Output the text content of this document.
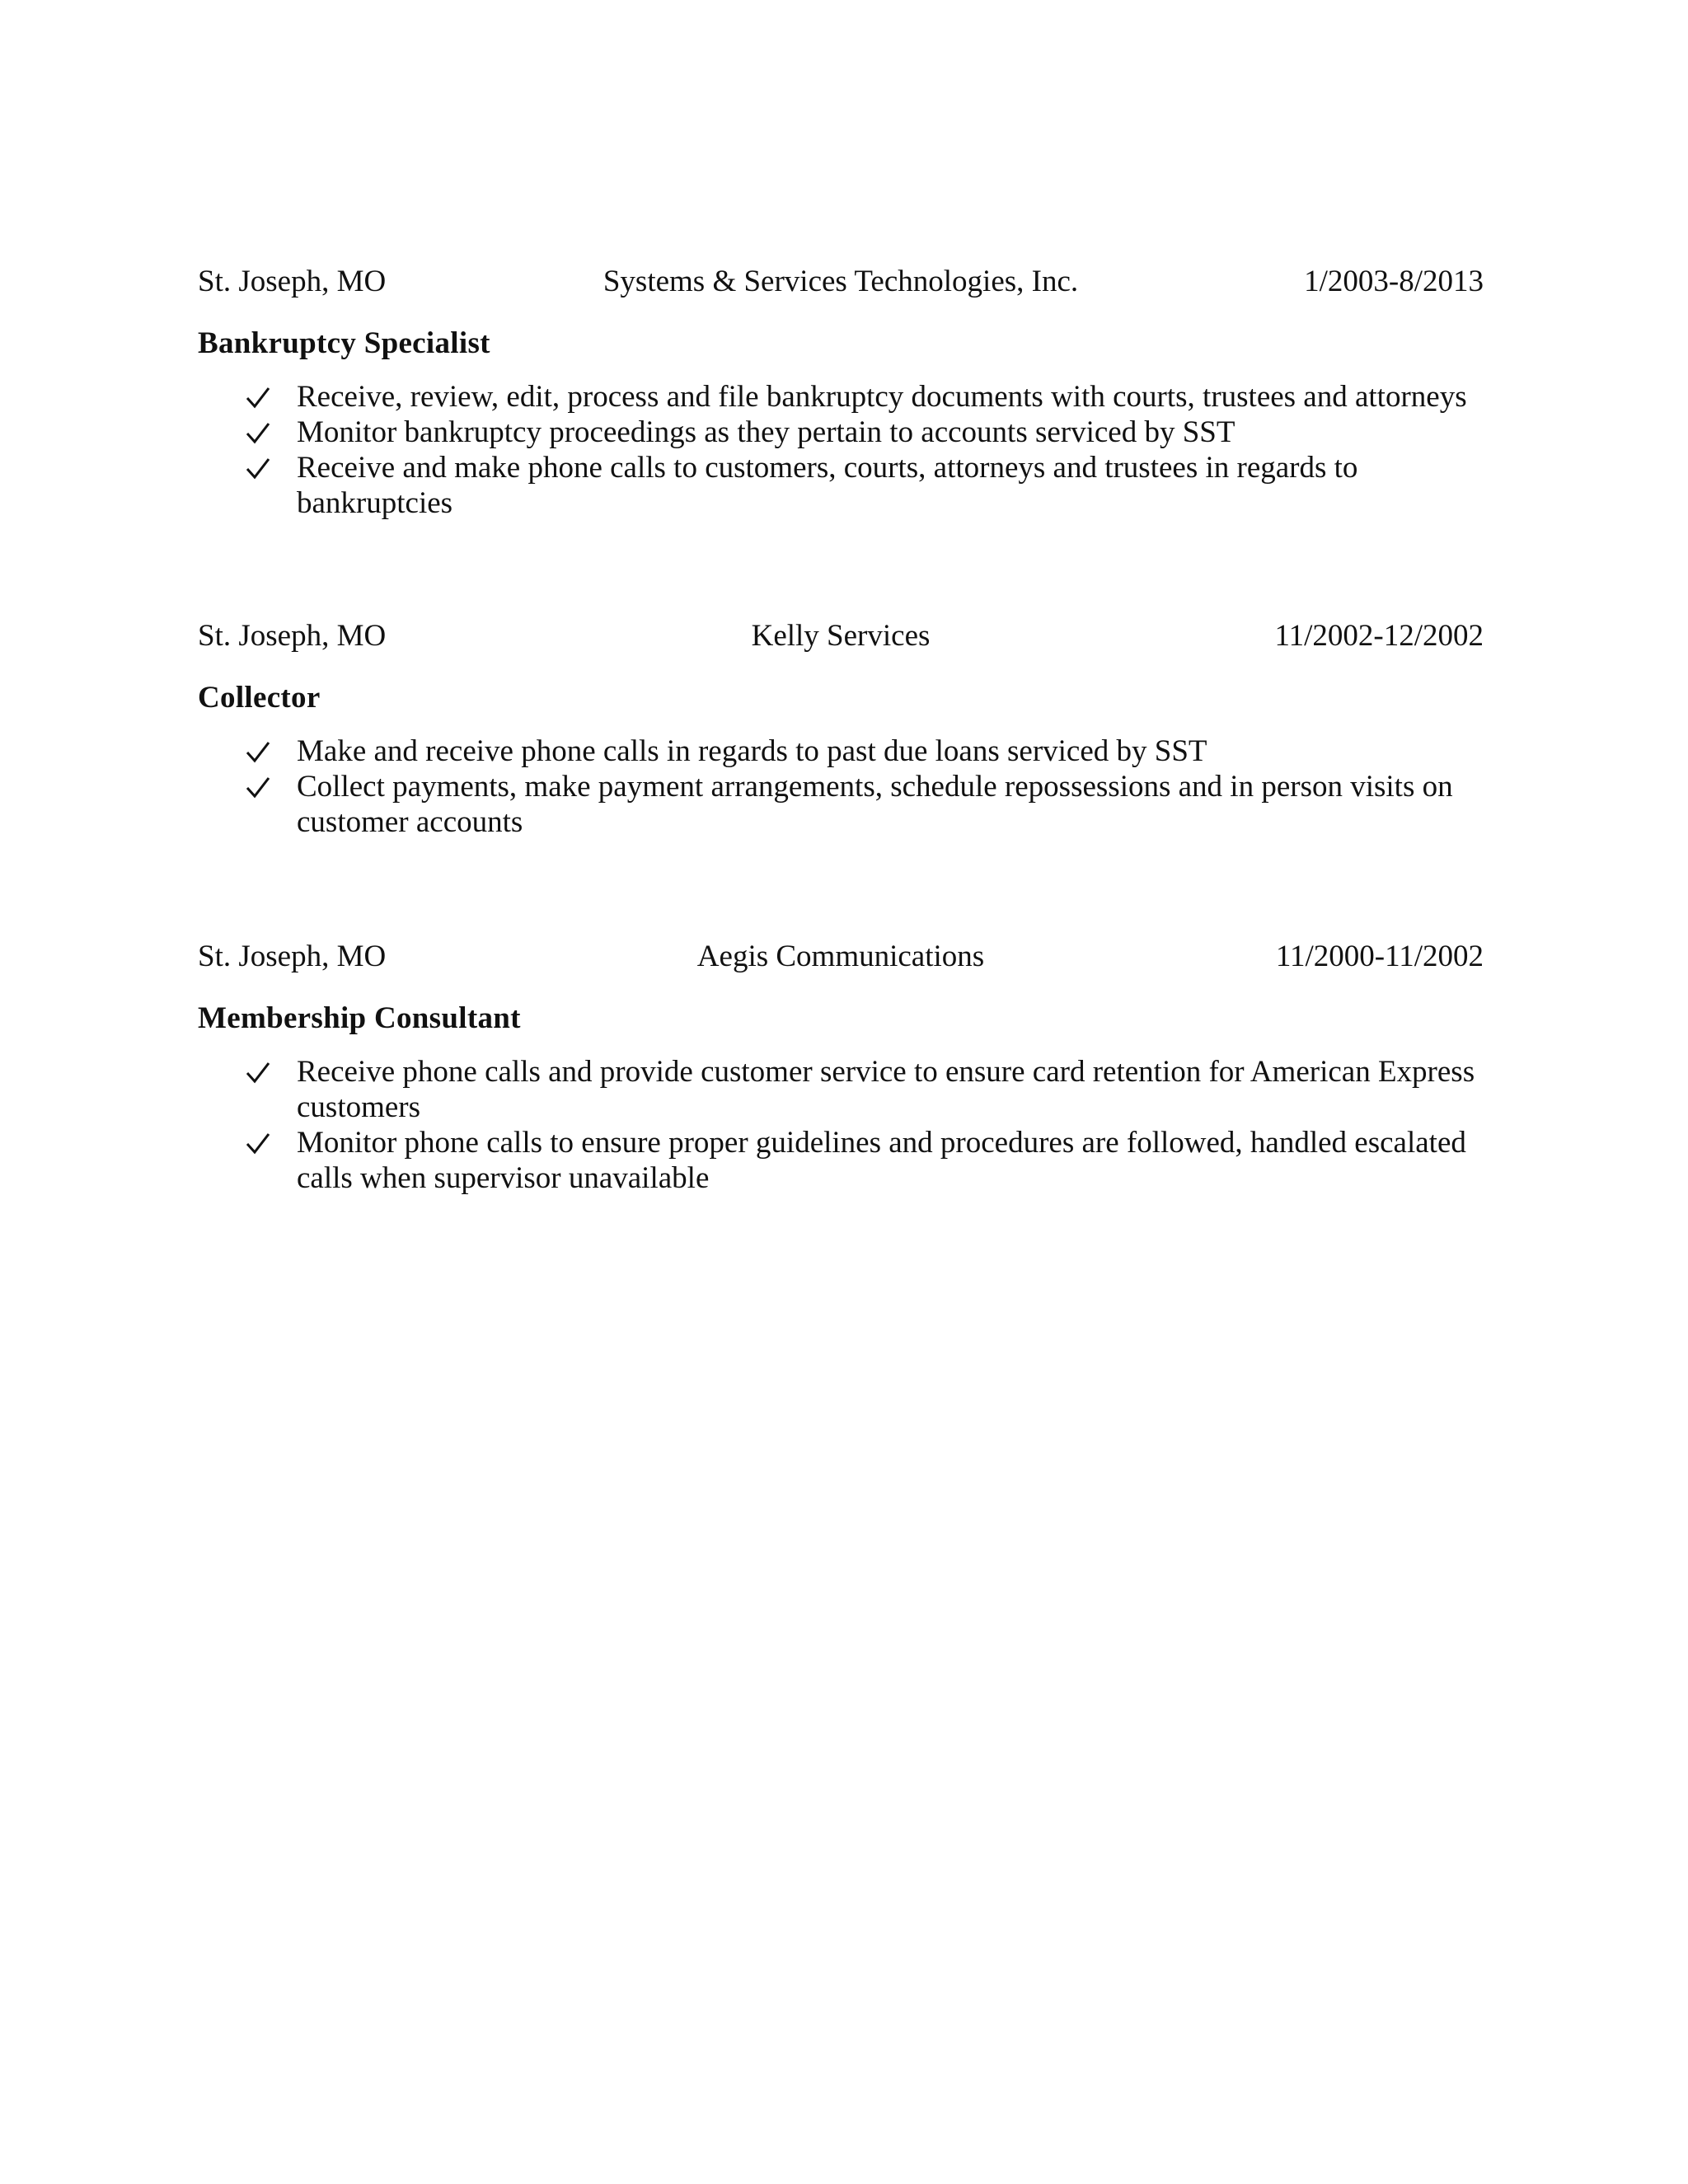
St. Joseph, MO	Systems & Services Technologies, Inc.	1/2003-8/2013
Bankruptcy Specialist
Receive, review, edit, process and file bankruptcy documents with courts, trustees and attorneys
Monitor bankruptcy proceedings as they pertain to accounts serviced by SST
Receive and make phone calls to customers, courts, attorneys and trustees in regards to bankruptcies
St. Joseph, MO	Kelly Services	11/2002-12/2002
Collector
Make and receive phone calls in regards to past due loans serviced by SST
Collect payments, make payment arrangements, schedule repossessions and in person visits on customer accounts
St. Joseph, MO	Aegis Communications	11/2000-11/2002
Membership Consultant
Receive phone calls and provide customer service to ensure card retention for American Express customers
Monitor phone calls to ensure proper guidelines and procedures are followed, handled escalated calls when supervisor unavailable
